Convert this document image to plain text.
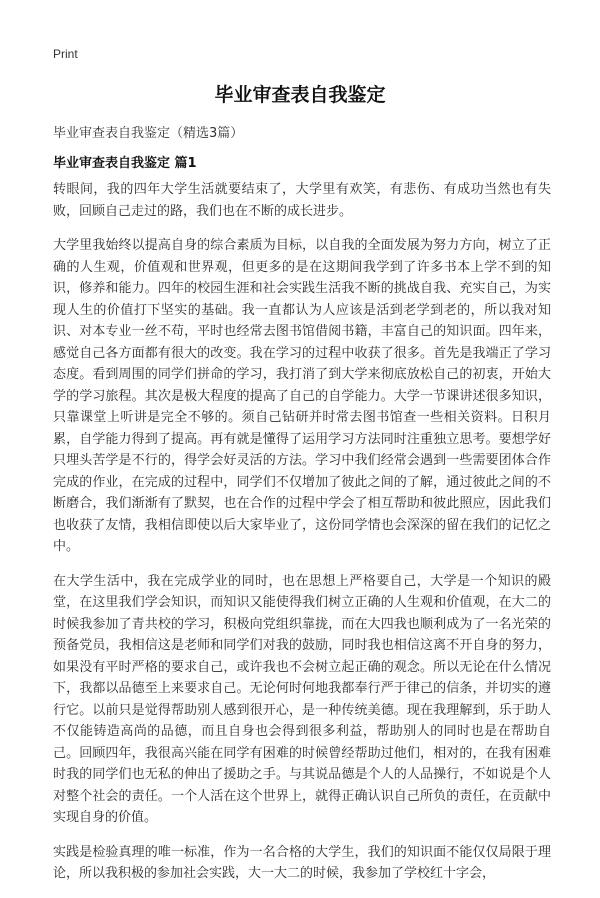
Print
毕业审查表自我鉴定
毕业审查表自我鉴定（精选3篇）
毕业审查表自我鉴定 篇1

转眼间，我的四年大学生活就要结束了，大学里有欢笑，有悲伤、有成功当然也有失败，回顾自己走过的路，我们也在不断的成长进步。

大学里我始终以提高自身的综合素质为目标，以自我的全面发展为努力方向，树立了正确的人生观，价值观和世界观，但更多的是在这期间我学到了许多书本上学不到的知识，修养和能力。四年的校园生涯和社会实践生活我不断的挑战自我、充实自己，为实现人生的价值打下坚实的基础。我一直都认为人应该是活到老学到老的，所以我对知识、对本专业一丝不苟，平时也经常去图书馆借阅书籍，丰富自己的知识面。四年来，感觉自己各方面都有很大的改变。我在学习的过程中收获了很多。首先是我端正了学习态度。看到周围的同学们拼命的学习，我打消了到大学来彻底放松自己的初衷，开始大学的学习旅程。其次是极大程度的提高了自己的自学能力。大学一节课讲述很多知识，只靠课堂上听讲是完全不够的。须自己钻研并时常去图书馆查一些相关资料。日积月累，自学能力得到了提高。再有就是懂得了运用学习方法同时注重独立思考。要想学好只埋头苦学是不行的，得学会好灵活的方法。学习中我们经常会遇到一些需要团体合作完成的作业，在完成的过程中，同学们不仅增加了彼此之间的了解，通过彼此之间的不断磨合，我们渐渐有了默契，也在合作的过程中学会了相互帮助和彼此照应，因此我们也收获了友情，我相信即使以后大家毕业了，这份同学情也会深深的留在我们的记忆之中。

在大学生活中，我在完成学业的同时，也在思想上严格要自己，大学是一个知识的殿堂，在这里我们学会知识，而知识又能使得我们树立正确的人生观和价值观，在大二的时候我参加了青共校的学习，积极向党组织靠拢，而在大四我也顺利成为了一名光荣的预备党员，我相信这是老师和同学们对我的鼓励，同时我也相信这离不开自身的努力，如果没有平时严格的要求自己，或许我也不会树立起正确的观念。所以无论在什么情况下，我都以品德至上来要求自己。无论何时何地我都奉行严于律己的信条，并切实的遵行它。以前只是觉得帮助别人感到很开心，是一种传统美德。现在我理解到，乐于助人不仅能铸造高尚的品德，而且自身也会得到很多利益，帮助别人的同时也是在帮助自己。回顾四年，我很高兴能在同学有困难的时候曾经帮助过他们，相对的，在我有困难时我的同学们也无私的伸出了援助之手。与其说品德是个人的人品操行，不如说是个人对整个社会的责任。一个人活在这个世界上，就得正确认识自己所负的责任，在贡献中实现自身的价值。

实践是检验真理的唯一标准，作为一名合格的大学生，我们的知识面不能仅仅局限于理论，所以我积极的参加社会实践，大一大二的时候，我参加了学校红十字会，
